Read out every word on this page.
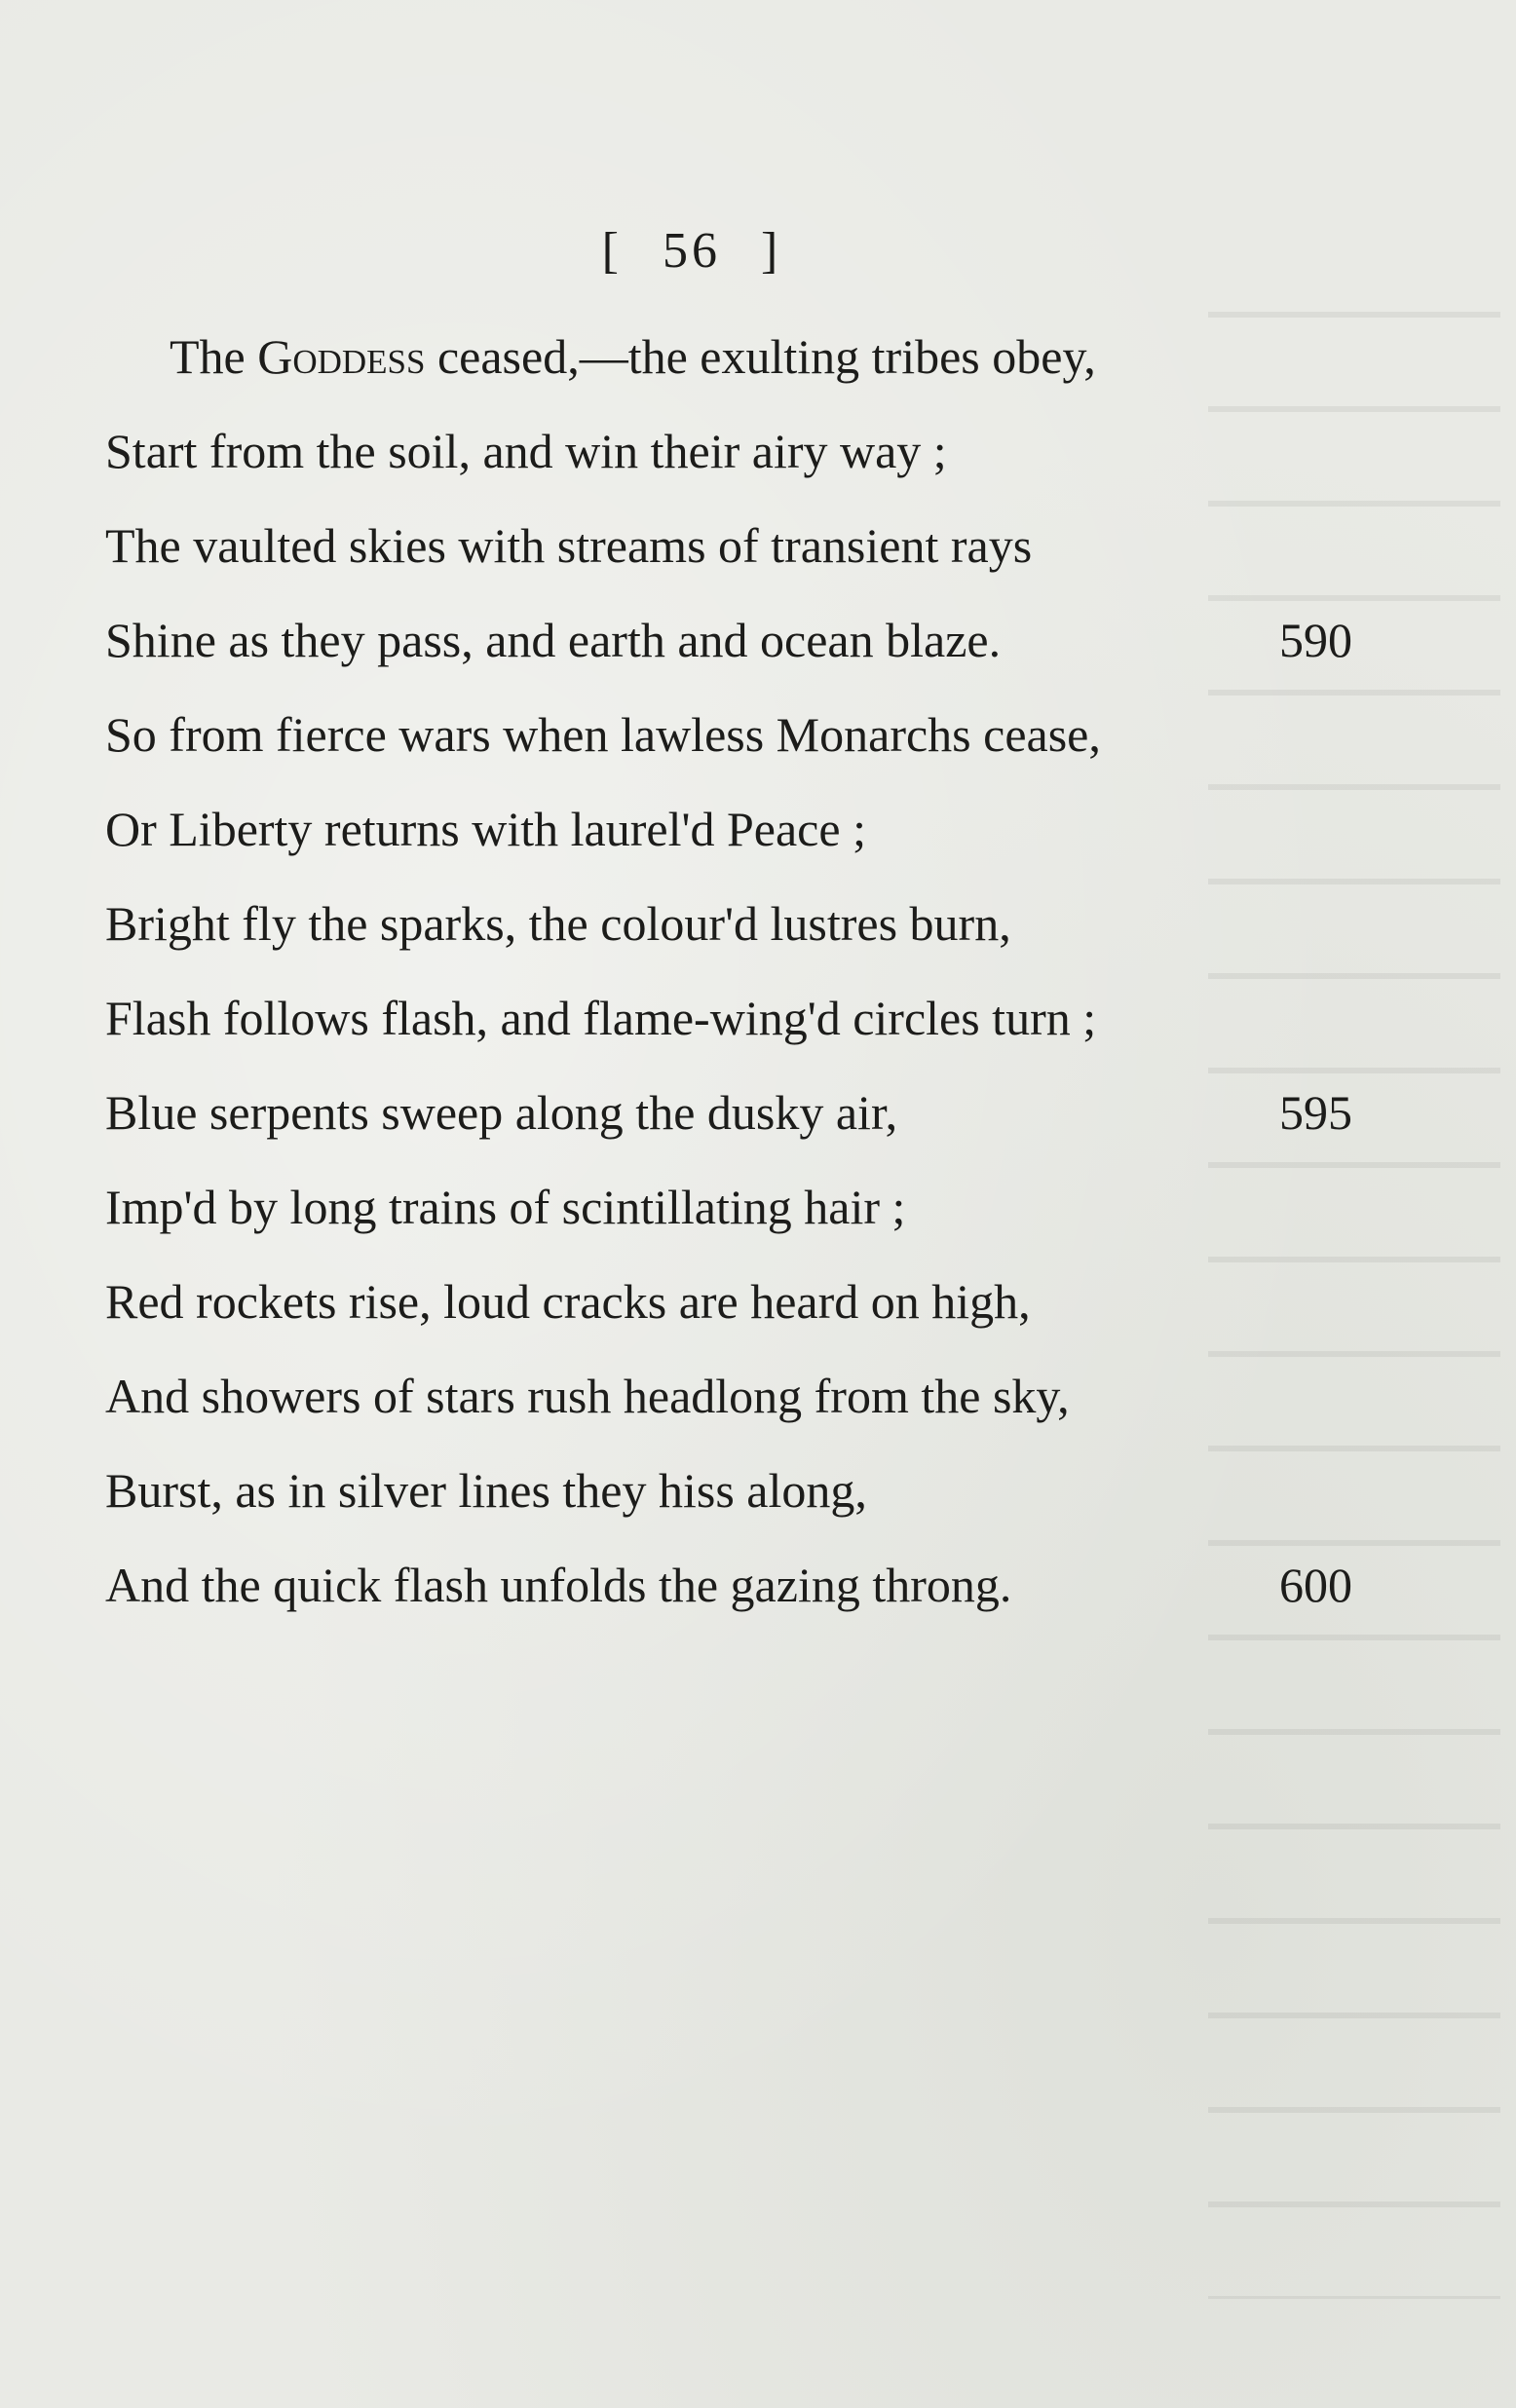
[ 56 ]
The Goddess ceased,—the exulting tribes obey,
Start from the soil, and win their airy way ;
The vaulted skies with streams of transient rays
Shine as they pass, and earth and ocean blaze.	590
So from fierce wars when lawless Monarchs cease,
Or Liberty returns with laurel'd Peace ;
Bright fly the sparks, the colour'd lustres burn,
Flash follows flash, and flame-wing'd circles turn ;
Blue serpents sweep along the dusky air,	595
Imp'd by long trains of scintillating hair ;
Red rockets rise, loud cracks are heard on high,
And showers of stars rush headlong from the sky,
Burst, as in silver lines they hiss along,
And the quick flash unfolds the gazing throng.	600
